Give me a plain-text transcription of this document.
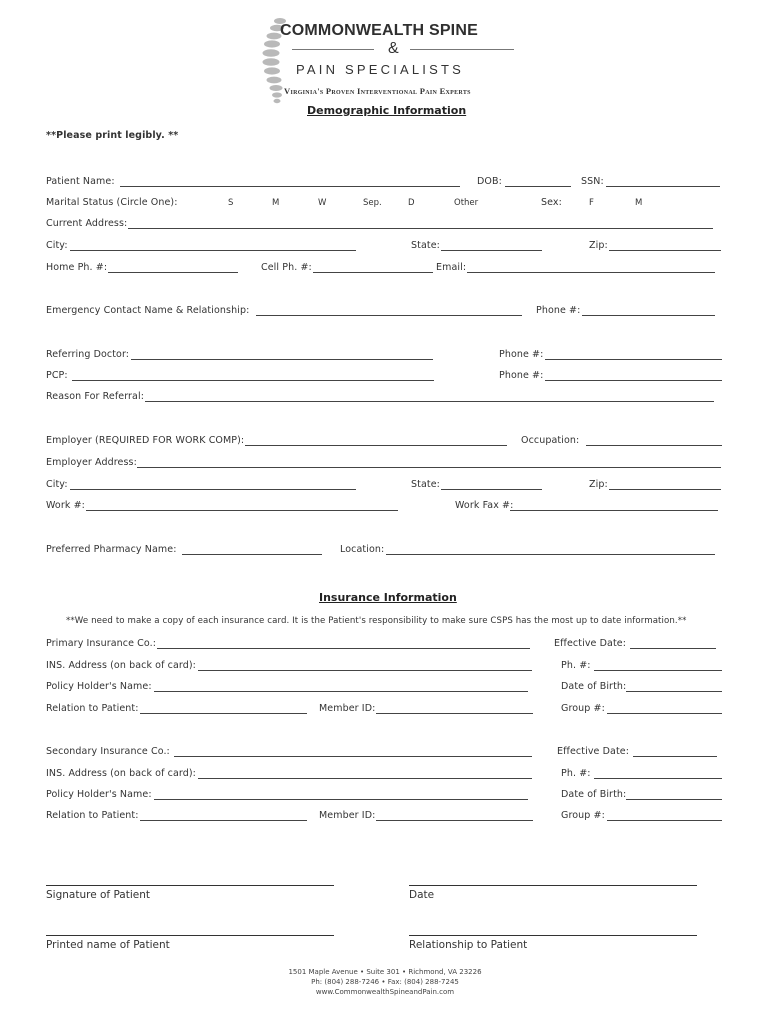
COMMONWEALTH SPINE
&
PAIN SPECIALISTS
Virginia's Proven Interventional Pain Experts
Demographic Information
**Please print legibly. **
Patient Name:	DOB:	SSN:
Marital Status (Circle One):	S	M	W	Sep.	D	Other	Sex:	F	M
Current Address:
City:	State:	Zip:
Home Ph. #:	Cell Ph. #:	Email:
Emergency Contact Name & Relationship:	Phone #:
Referring Doctor:	Phone #:
PCP:	Phone #:
Reason For Referral:
Employer (REQUIRED FOR WORK COMP):	Occupation:
Employer Address:
City:	State:	Zip:
Work #:	Work Fax #:
Preferred Pharmacy Name:	Location:
Insurance Information
**We need to make a copy of each insurance card. It is the Patient's responsibility to make sure CSPS has the most up to date information.**
Primary Insurance Co.:	Effective Date:
INS. Address (on back of card):	Ph. #:
Policy Holder's Name:	Date of Birth:
Relation to Patient:	Member ID:	Group #:
Secondary Insurance Co.:	Effective Date:
INS. Address (on back of card):	Ph. #:
Policy Holder's Name:	Date of Birth:
Relation to Patient:	Member ID:	Group #:
Signature of Patient	Date
Printed name of Patient	Relationship to Patient
1501 Maple Avenue • Suite 301 • Richmond, VA 23226
Ph: (804) 288-7246 • Fax: (804) 288-7245
www.CommonwealthSpineandPain.com
